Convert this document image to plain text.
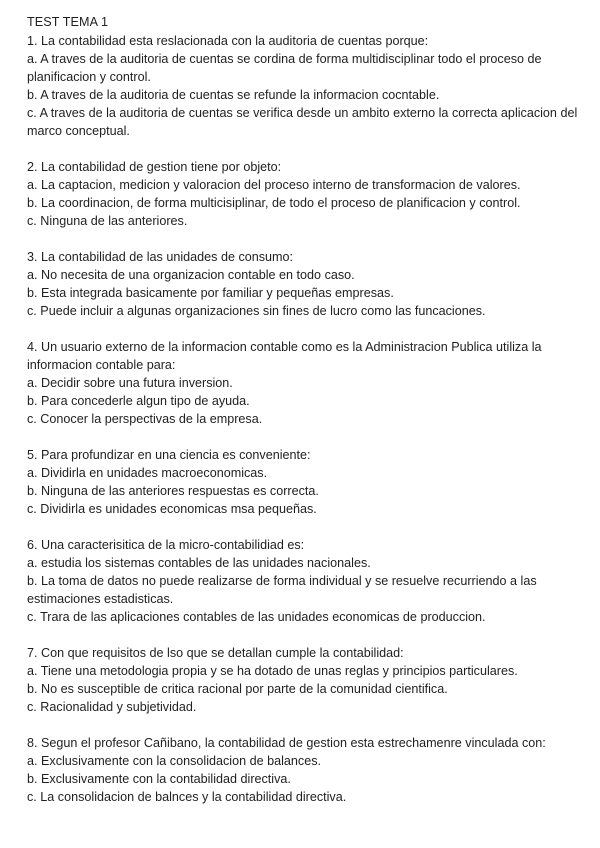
TEST TEMA 1
1. La contabilidad esta reslacionada con la auditoria de cuentas porque:
a. A traves de la auditoria de cuentas se cordina de forma multidisciplinar todo el proceso de planificacion y control.
b. A traves de la auditoria de cuentas se refunde la informacion cocntable.
c. A traves de la auditoria de cuentas se verifica desde un ambito externo la correcta aplicacion del marco conceptual.
2. La contabilidad de gestion tiene por objeto:
a. La captacion, medicion y valoracion del proceso interno de transformacion de valores.
b. La coordinacion, de forma multicisiplinar, de todo el proceso de planificacion y control.
c. Ninguna de las anteriores.
3. La contabilidad de las unidades de consumo:
a. No necesita de una organizacion contable en todo caso.
b. Esta integrada basicamente por familiar y pequeñas empresas.
c. Puede incluir a algunas organizaciones sin fines de lucro como las funcaciones.
4. Un usuario externo de la informacion contable como es la Administracion Publica utiliza la informacion contable para:
a. Decidir sobre una futura inversion.
b. Para concederle algun tipo de ayuda.
c. Conocer la perspectivas de la empresa.
5. Para profundizar en una ciencia es conveniente:
a. Dividirla en unidades macroeconomicas.
b. Ninguna de las anteriores respuestas es correcta.
c. Dividirla es unidades economicas msa pequeñas.
6. Una caracterisitica de la micro-contabilidiad es:
a. estudia los sistemas contables de las unidades nacionales.
b. La toma de datos no puede realizarse de forma individual y se resuelve recurriendo a las estimaciones estadisticas.
c. Trara de las aplicaciones contables de las unidades economicas de produccion.
7. Con que requisitos de lso que se detallan cumple la contabilidad:
a. Tiene una metodologia propia y se ha dotado de unas reglas y principios particulares.
b. No es susceptible de critica racional por parte de la comunidad cientifica.
c. Racionalidad y subjetividad.
8. Segun el profesor Cañibano, la contabilidad de gestion esta estrechamenre vinculada con:
a. Exclusivamente con la consolidacion de balances.
b. Exclusivamente con la contabilidad directiva.
c. La consolidacion de balnces y la contabilidad directiva.
